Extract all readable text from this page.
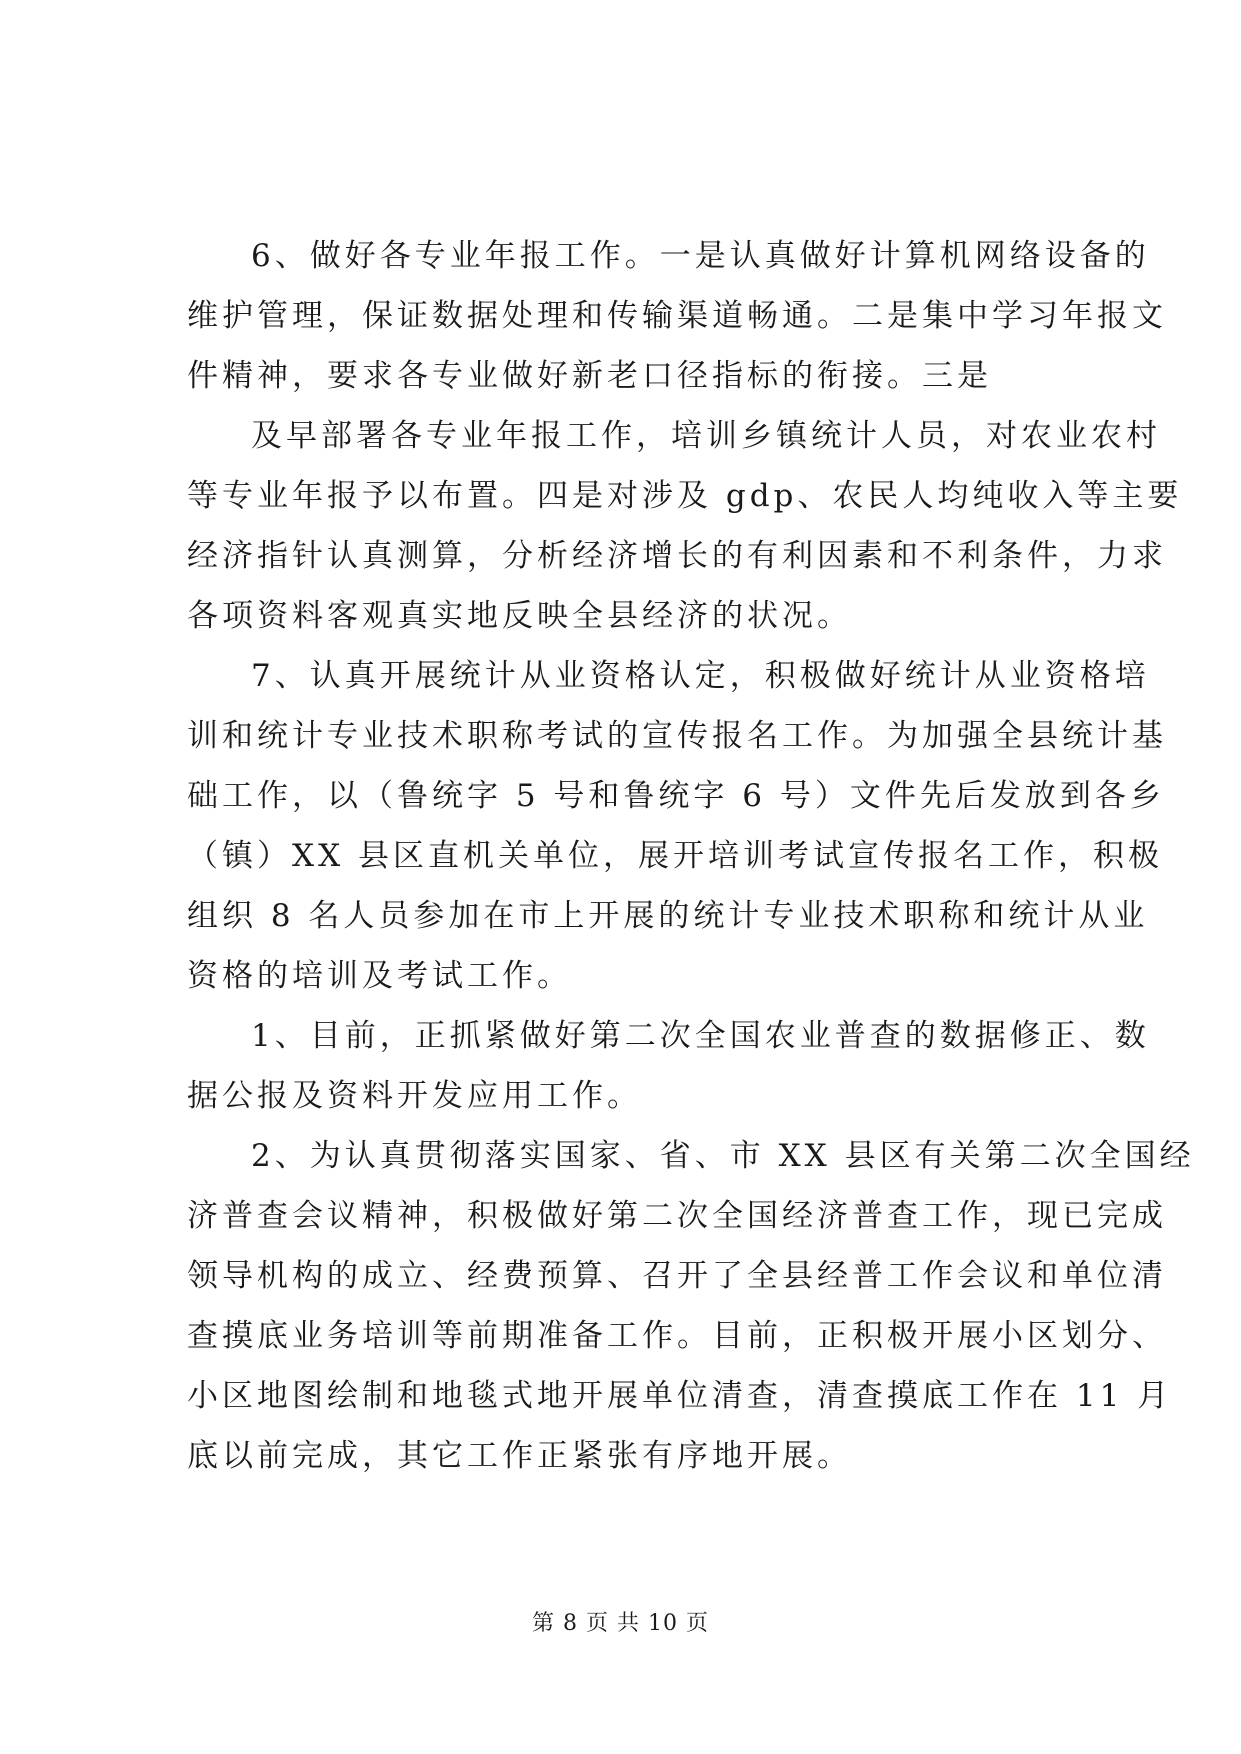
6、做好各专业年报工作。一是认真做好计算机网络设备的
维护管理，保证数据处理和传输渠道畅通。二是集中学习年报文
件精神，要求各专业做好新老口径指标的衔接。三是

及早部署各专业年报工作，培训乡镇统计人员，对农业农村
等专业年报予以布置。四是对涉及 gdp、农民人均纯收入等主要
经济指针认真测算，分析经济增长的有利因素和不利条件，力求
各项资料客观真实地反映全县经济的状况。

7、认真开展统计从业资格认定，积极做好统计从业资格培
训和统计专业技术职称考试的宣传报名工作。为加强全县统计基
础工作，以（鲁统字 5 号和鲁统字 6 号）文件先后发放到各乡
（镇）XX 县区直机关单位，展开培训考试宣传报名工作，积极
组织 8 名人员参加在市上开展的统计专业技术职称和统计从业
资格的培训及考试工作。

1、目前，正抓紧做好第二次全国农业普查的数据修正、数
据公报及资料开发应用工作。

2、为认真贯彻落实国家、省、市 XX 县区有关第二次全国经
济普查会议精神，积极做好第二次全国经济普查工作，现已完成
领导机构的成立、经费预算、召开了全县经普工作会议和单位清
查摸底业务培训等前期准备工作。目前，正积极开展小区划分、
小区地图绘制和地毯式地开展单位清查，清查摸底工作在 11 月
底以前完成，其它工作正紧张有序地开展。

第 8 页 共 10 页
